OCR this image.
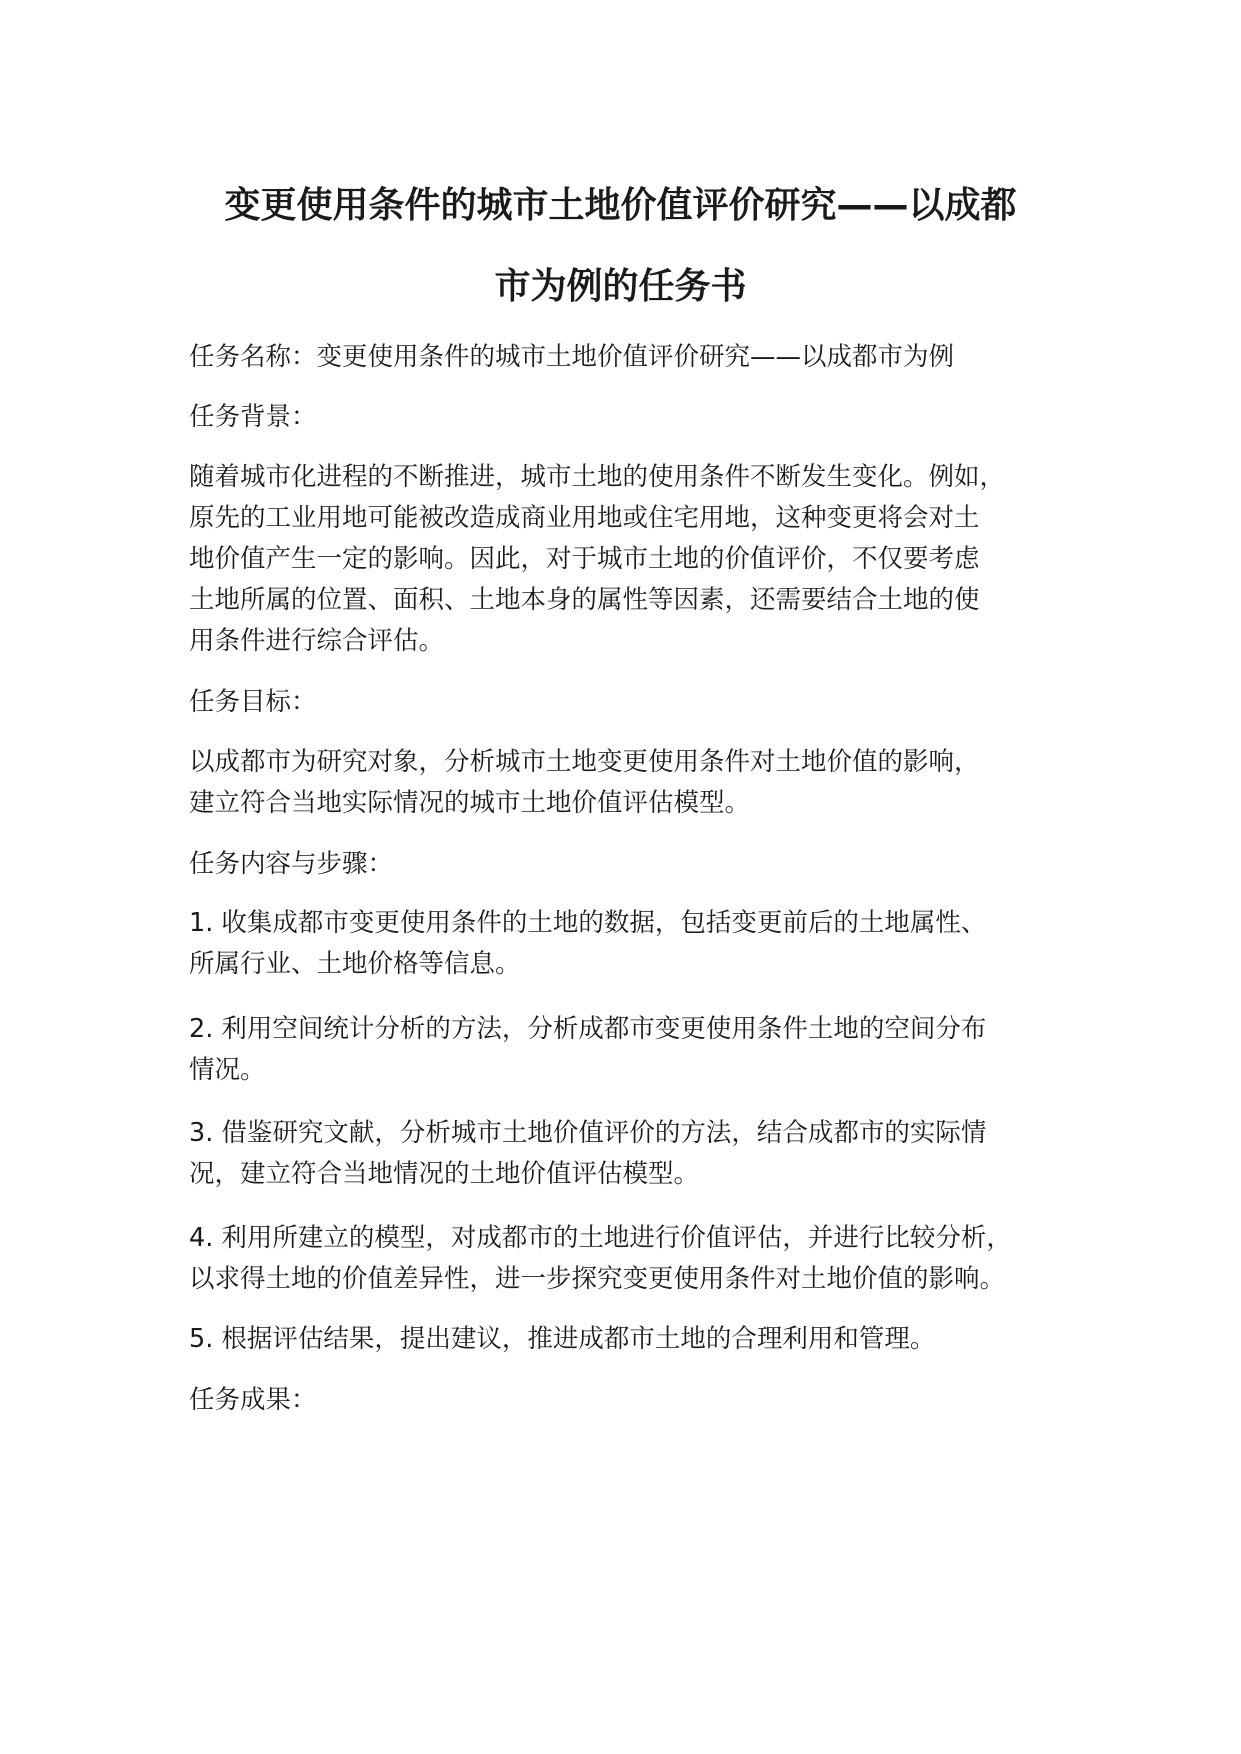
变更使用条件的城市土地价值评价研究——以成都
市为例的任务书
任务名称：变更使用条件的城市土地价值评价研究——以成都市为例
任务背景：
随着城市化进程的不断推进，城市土地的使用条件不断发生变化。例如，
原先的工业用地可能被改造成商业用地或住宅用地，这种变更将会对土
地价值产生一定的影响。因此，对于城市土地的价值评价，不仅要考虑
土地所属的位置、面积、土地本身的属性等因素，还需要结合土地的使
用条件进行综合评估。
任务目标：
以成都市为研究对象，分析城市土地变更使用条件对土地价值的影响，
建立符合当地实际情况的城市土地价值评估模型。
任务内容与步骤：
1. 收集成都市变更使用条件的土地的数据，包括变更前后的土地属性、
所属行业、土地价格等信息。
2. 利用空间统计分析的方法，分析成都市变更使用条件土地的空间分布
情况。
3. 借鉴研究文献，分析城市土地价值评价的方法，结合成都市的实际情
况，建立符合当地情况的土地价值评估模型。
4. 利用所建立的模型，对成都市的土地进行价值评估，并进行比较分析，
以求得土地的价值差异性，进一步探究变更使用条件对土地价值的影响。
5. 根据评估结果，提出建议，推进成都市土地的合理利用和管理。
任务成果：
